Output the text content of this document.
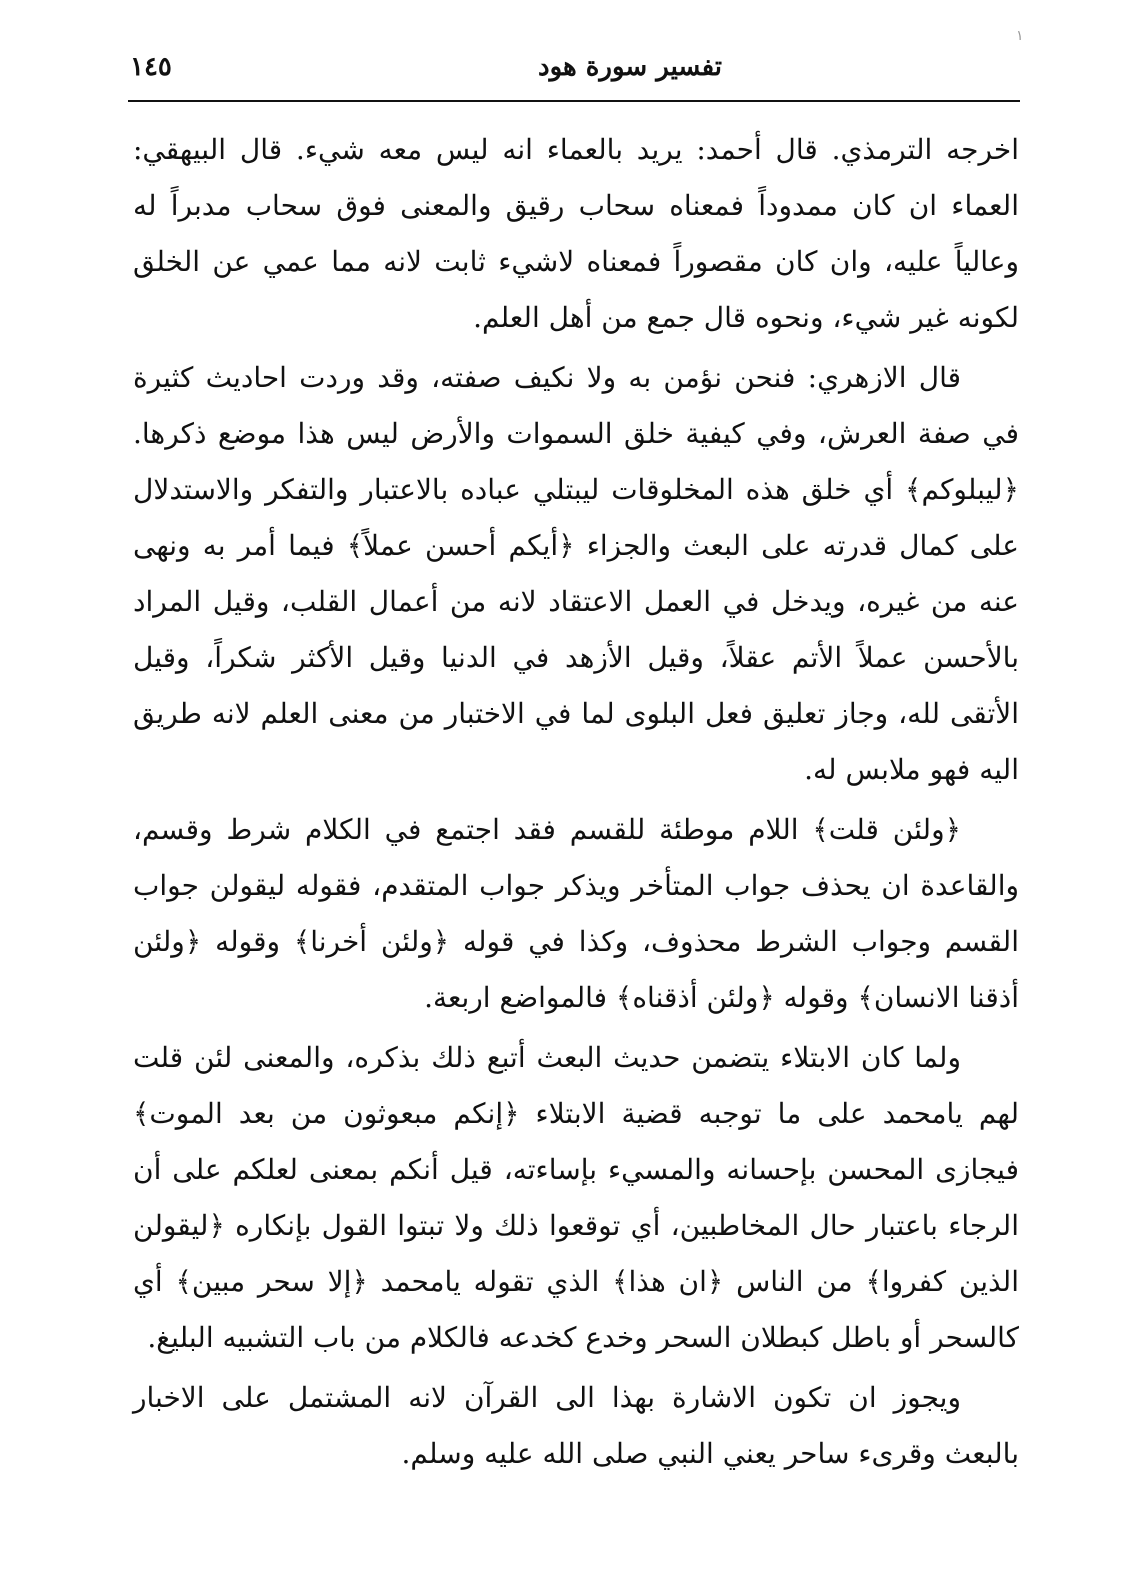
١
١٤٥	تفسير سورة هود

اخرجه الترمذي. قال أحمد: يريد بالعماء انه ليس معه شيء. قال البيهقي: العماء ان كان ممدوداً فمعناه سحاب رقيق والمعنى فوق سحاب مدبراً له وعالياً عليه، وان كان مقصوراً فمعناه لاشيء ثابت لانه مما عمي عن الخلق لكونه غير شيء، ونحوه قال جمع من أهل العلم.

قال الازهري: فنحن نؤمن به ولا نكيف صفته، وقد وردت احاديث كثيرة في صفة العرش، وفي كيفية خلق السموات والأرض ليس هذا موضع ذكرها. ﴿ليبلوكم﴾ أي خلق هذه المخلوقات ليبتلي عباده بالاعتبار والتفكر والاستدلال على كمال قدرته على البعث والجزاء ﴿أيكم أحسن عملاً﴾ فيما أمر به ونهى عنه من غيره، ويدخل في العمل الاعتقاد لانه من أعمال القلب، وقيل المراد بالأحسن عملاً الأتم عقلاً، وقيل الأزهد في الدنيا وقيل الأكثر شكراً، وقيل الأتقى لله، وجاز تعليق فعل البلوى لما في الاختبار من معنى العلم لانه طريق اليه فهو ملابس له.

﴿ولئن قلت﴾ اللام موطئة للقسم فقد اجتمع في الكلام شرط وقسم، والقاعدة ان يحذف جواب المتأخر ويذكر جواب المتقدم، فقوله ليقولن جواب القسم وجواب الشرط محذوف، وكذا في قوله ﴿ولئن أخرنا﴾ وقوله ﴿ولئن أذقنا الانسان﴾ وقوله ﴿ولئن أذقناه﴾ فالمواضع اربعة.

ولما كان الابتلاء يتضمن حديث البعث أتبع ذلك بذكره، والمعنى لئن قلت لهم يامحمد على ما توجبه قضية الابتلاء ﴿إنكم مبعوثون من بعد الموت﴾ فيجازى المحسن بإحسانه والمسيء بإساءته، قيل أنكم بمعنى لعلكم على أن الرجاء باعتبار حال المخاطبين، أي توقعوا ذلك ولا تبتوا القول بإنكاره ﴿ليقولن الذين كفروا﴾ من الناس ﴿ان هذا﴾ الذي تقوله يامحمد ﴿إلا سحر مبين﴾ أي كالسحر أو باطل كبطلان السحر وخدع كخدعه فالكلام من باب التشبيه البليغ.

ويجوز ان تكون الاشارة بهذا الى القرآن لانه المشتمل على الاخبار بالبعث وقرىء ساحر يعني النبي صلى الله عليه وسلم.
